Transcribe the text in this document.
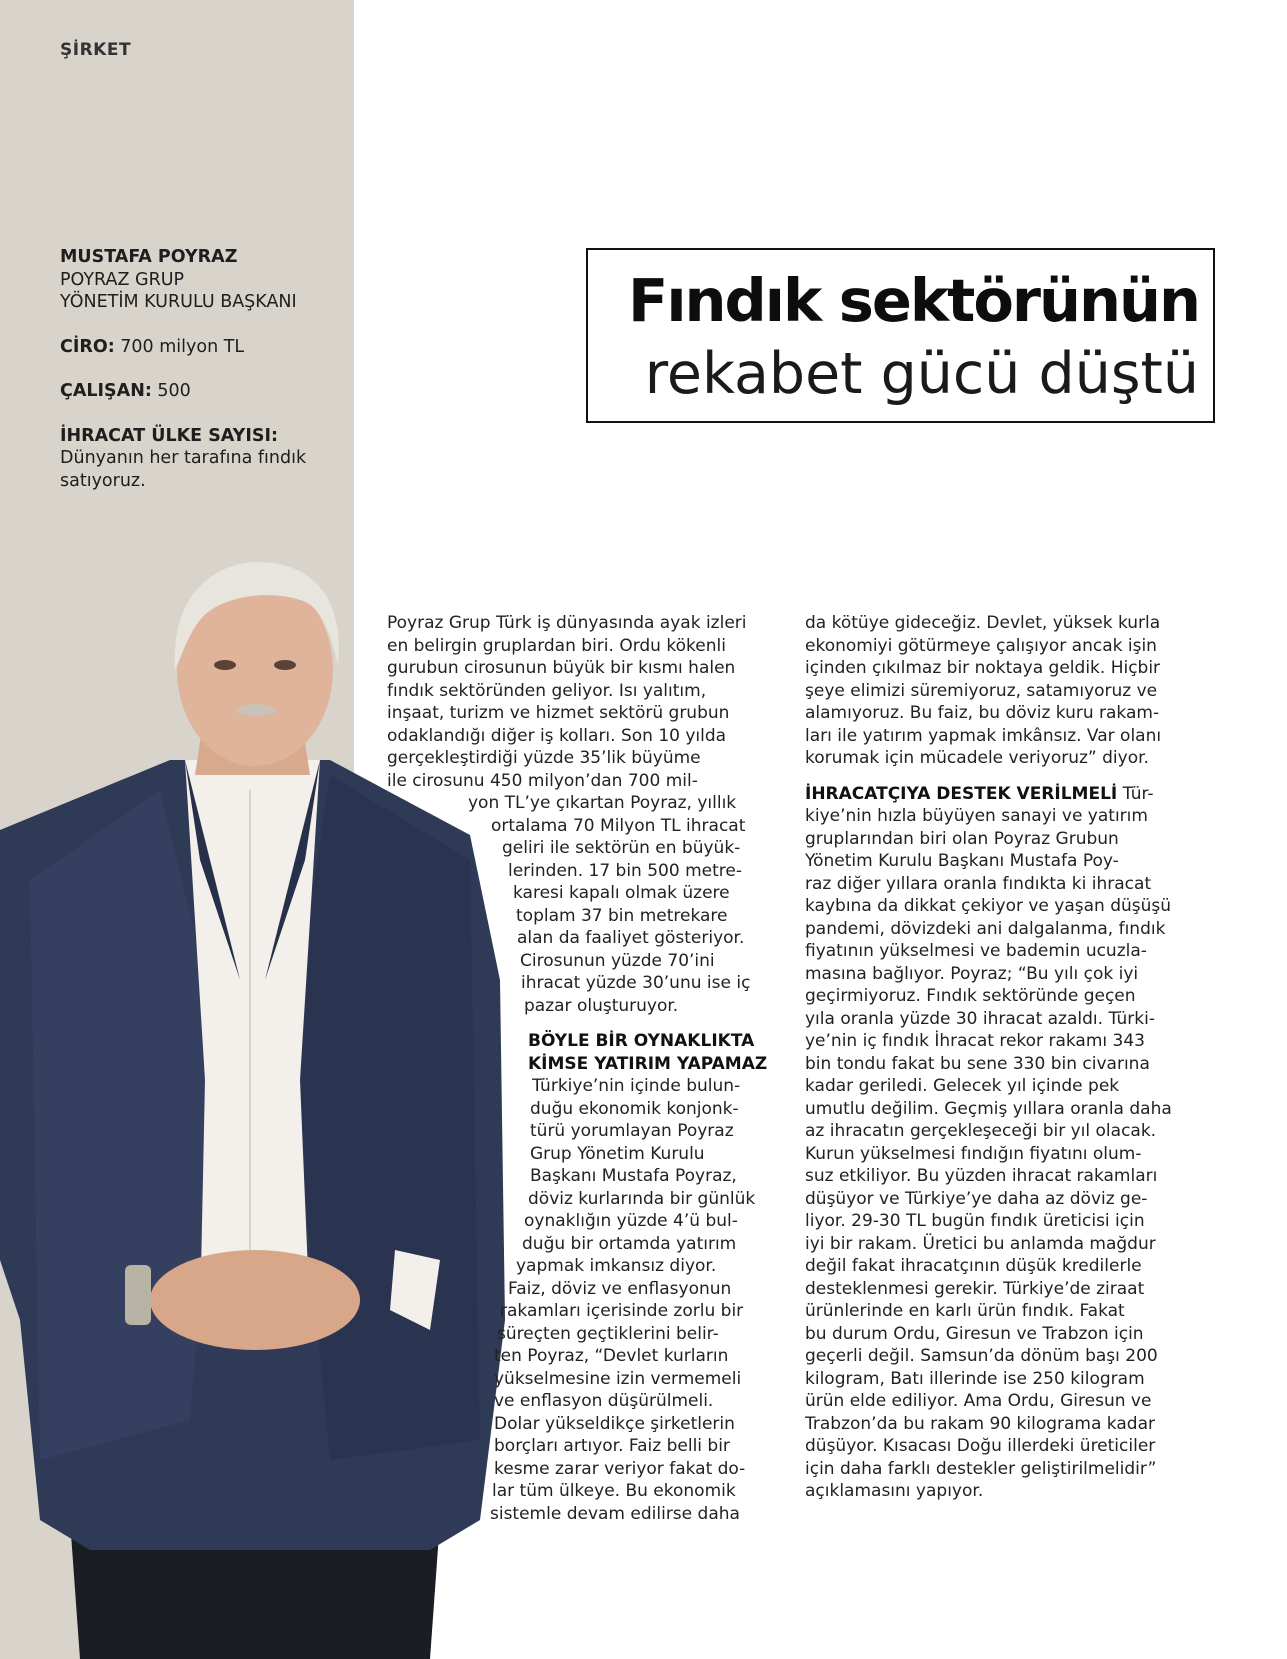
ŞİRKET
MUSTAFA POYRAZ
POYRAZ GRUP
YÖNETİM KURULU BAŞKANI
CİRO: 700 milyon TL
ÇALIŞAN: 500
İHRACAT ÜLKE SAYISI:
Dünyanın her tarafına fındık
satıyoruz.
Fındık sektörünün
rekabet gücü düştü
Poyraz Grup Türk iş dünyasında ayak izleri
en belirgin gruplardan biri. Ordu kökenli
gurubun cirosunun büyük bir kısmı halen
fındık sektöründen geliyor. Isı yalıtım,
inşaat, turizm ve hizmet sektörü grubun
odaklandığı diğer iş kolları. Son 10 yılda
gerçekleştirdiği yüzde 35’lik büyüme
ile cirosunu 450 milyon’dan 700 mil-
yon TL’ye çıkartan Poyraz, yıllık
ortalama 70 Milyon TL ihracat
geliri ile sektörün en büyük-
lerinden. 17 bin 500 metre-
karesi kapalı olmak üzere
toplam 37 bin metrekare
alan da faaliyet gösteriyor.
Cirosunun yüzde 70’ini
ihracat yüzde 30’unu ise iç
pazar oluşturuyor.
BÖYLE BİR OYNAKLIKTA
KİMSE YATIRIM YAPAMAZ
Türkiye’nin içinde bulun-
duğu ekonomik konjonk-
türü yorumlayan Poyraz
Grup Yönetim Kurulu
Başkanı Mustafa Poyraz,
döviz kurlarında bir günlük
oynaklığın yüzde 4’ü bul-
duğu bir ortamda yatırım
yapmak imkansız diyor.
Faiz, döviz ve enflasyonun
rakamları içerisinde zorlu bir
süreçten geçtiklerini belir-
ten Poyraz, “Devlet kurların
yükselmesine izin vermemeli
ve enflasyon düşürülmeli.
Dolar yükseldikçe şirketlerin
borçları artıyor. Faiz belli bir
kesme zarar veriyor fakat do-
lar tüm ülkeye. Bu ekonomik
sistemle devam edilirse daha
da kötüye gideceğiz. Devlet, yüksek kurla
ekonomiyi götürmeye çalışıyor ancak işin
içinden çıkılmaz bir noktaya geldik. Hiçbir
şeye elimizi süremiyoruz, satamıyoruz ve
alamıyoruz. Bu faiz, bu döviz kuru rakam-
ları ile yatırım yapmak imkânsız. Var olanı
korumak için mücadele veriyoruz” diyor.
İHRACATÇIYA DESTEK VERİLMELİ Tür-
kiye’nin hızla büyüyen sanayi ve yatırım
gruplarından biri olan Poyraz Grubun
Yönetim Kurulu Başkanı Mustafa Poy-
raz diğer yıllara oranla fındıkta ki ihracat
kaybına da dikkat çekiyor ve yaşan düşüşü
pandemi, dövizdeki ani dalgalanma, fındık
fiyatının yükselmesi ve bademin ucuzla-
masına bağlıyor. Poyraz; “Bu yılı çok iyi
geçirmiyoruz. Fındık sektöründe geçen
yıla oranla yüzde 30 ihracat azaldı. Türki-
ye’nin iç fındık İhracat rekor rakamı 343
bin tondu fakat bu sene 330 bin civarına
kadar geriledi. Gelecek yıl içinde pek
umutlu değilim. Geçmiş yıllara oranla daha
az ihracatın gerçekleşeceği bir yıl olacak.
Kurun yükselmesi fındığın fiyatını olum-
suz etkiliyor. Bu yüzden ihracat rakamları
düşüyor ve Türkiye’ye daha az döviz ge-
liyor. 29-30 TL bugün fındık üreticisi için
iyi bir rakam. Üretici bu anlamda mağdur
değil fakat ihracatçının düşük kredilerle
desteklenmesi gerekir. Türkiye’de ziraat
ürünlerinde en karlı ürün fındık. Fakat
bu durum Ordu, Giresun ve Trabzon için
geçerli değil. Samsun’da dönüm başı 200
kilogram, Batı illerinde ise 250 kilogram
ürün elde ediliyor. Ama Ordu, Giresun ve
Trabzon’da bu rakam 90 kilograma kadar
düşüyor. Kısacası Doğu illerdeki üreticiler
için daha farklı destekler geliştirilmelidir”
açıklamasını yapıyor.
